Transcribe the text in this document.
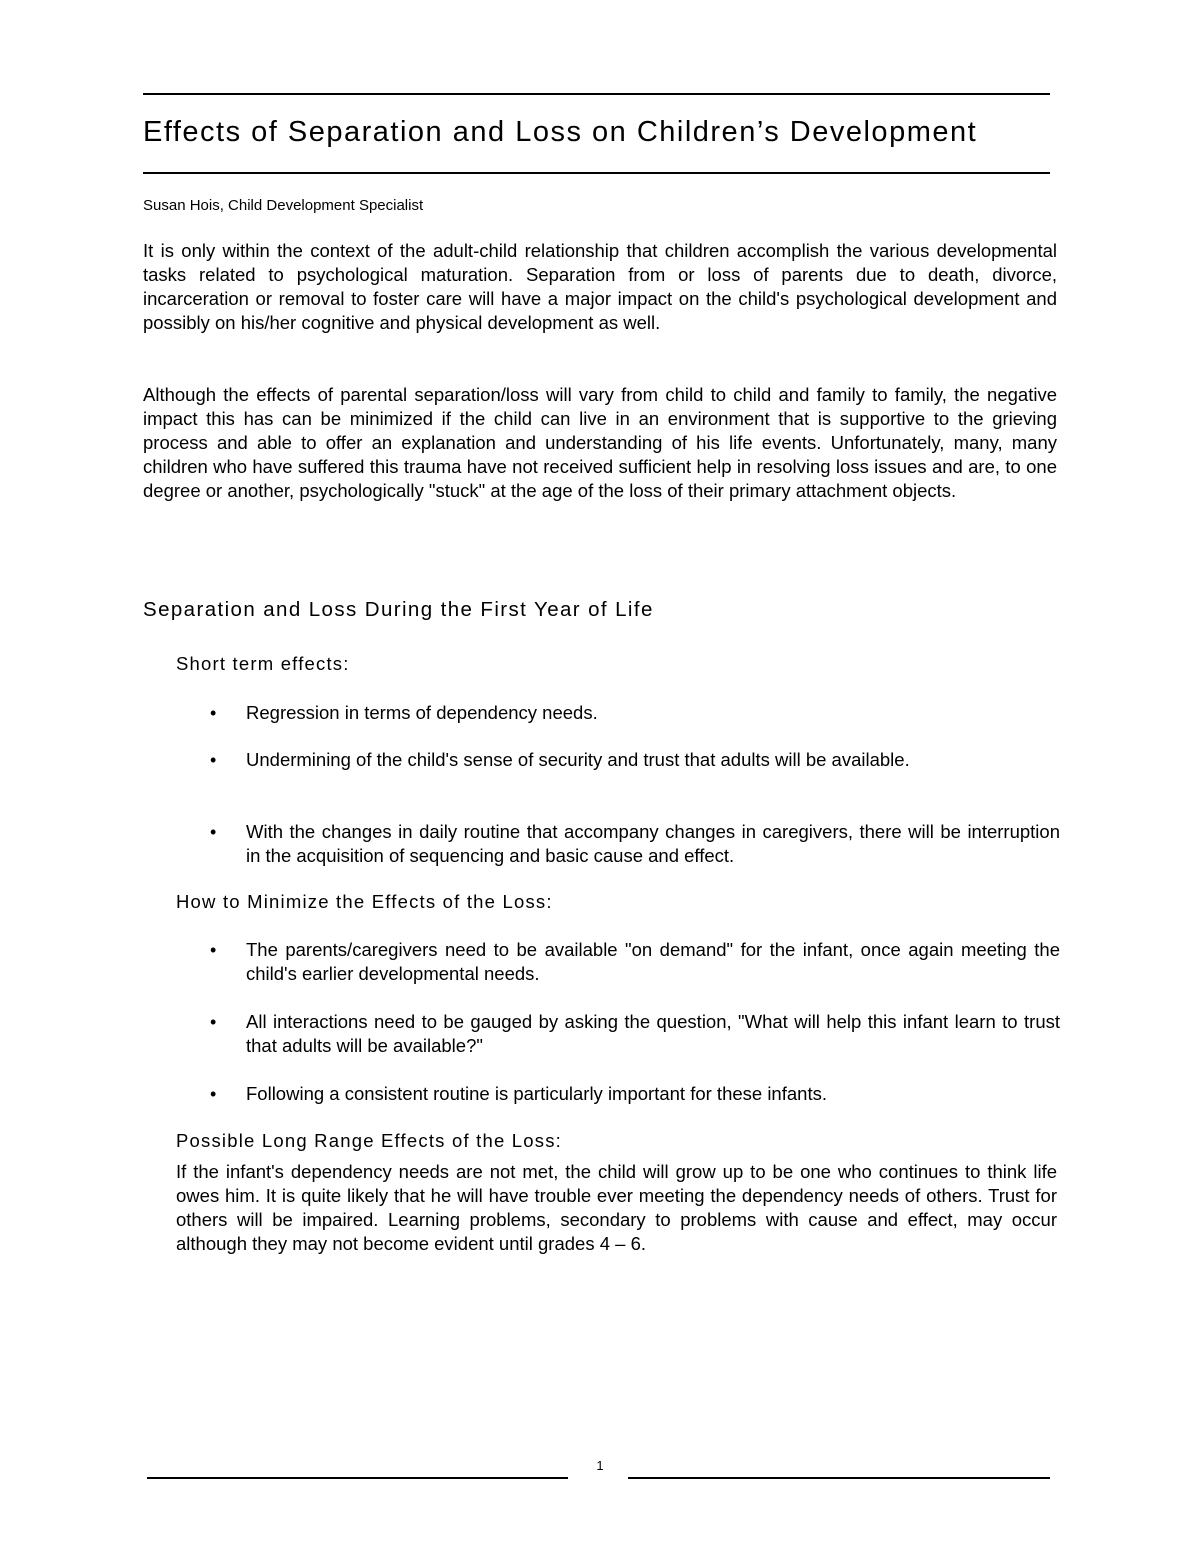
Effects of Separation and Loss on Children’s Development
Susan Hois, Child Development Specialist

It is only within the context of the adult-child relationship that children accomplish the various developmental tasks related to psychological maturation. Separation from or loss of parents due to death, divorce, incarceration or removal to foster care will have a major impact on the child's psychological development and possibly on his/her cognitive and physical development as well.

Although the effects of parental separation/loss will vary from child to child and family to family, the negative impact this has can be minimized if the child can live in an environment that is supportive to the grieving process and able to offer an explanation and understanding of his life events. Unfortunately, many, many children who have suffered this trauma have not received sufficient help in resolving loss issues and are, to one degree or another, psychologically "stuck" at the age of the loss of their primary attachment objects.

Separation and Loss During the First Year of Life
Short term effects:
•	Regression in terms of dependency needs.
•	Undermining of the child's sense of security and trust that adults will be available.
•	With the changes in daily routine that accompany changes in caregivers, there will be interruption in the acquisition of sequencing and basic cause and effect.
How to Minimize the Effects of the Loss:
•	The parents/caregivers need to be available "on demand" for the infant, once again meeting the child's earlier developmental needs.
•	All interactions need to be gauged by asking the question, "What will help this infant learn to trust that adults will be available?"
•	Following a consistent routine is particularly important for these infants.
Possible Long Range Effects of the Loss:

If the infant's dependency needs are not met, the child will grow up to be one who continues to think life owes him. It is quite likely that he will have trouble ever meeting the dependency needs of others. Trust for others will be impaired. Learning problems, secondary to problems with cause and effect, may occur although they may not become evident until grades 4 – 6.

1
